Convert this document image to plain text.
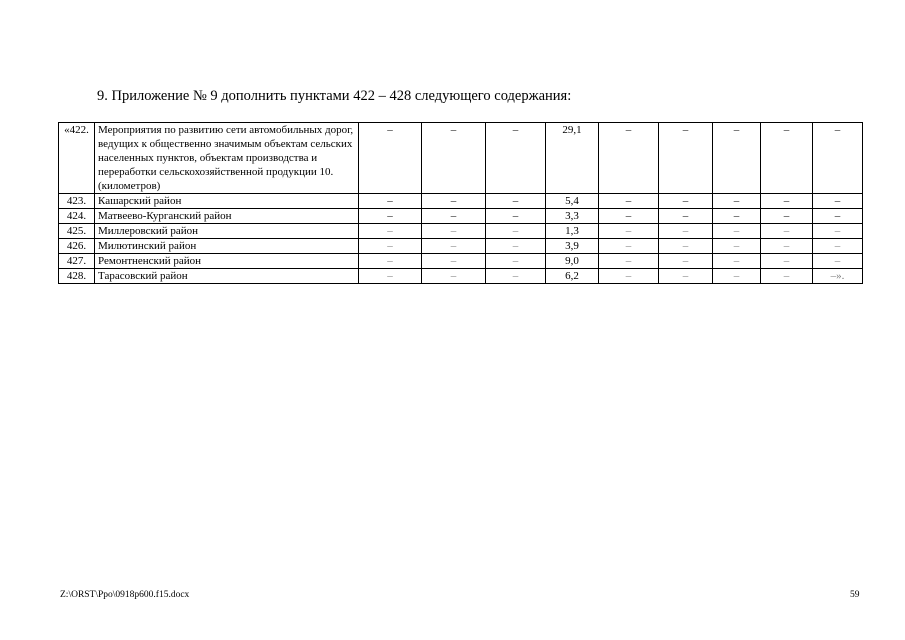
9. Приложение № 9 дополнить пунктами 422 – 428 следующего содержания:
«422.	Мероприятия по развитию сети автомобильных дорог, ведущих к общественно значимым объектам сельских населенных пунктов, объектам производства и переработки сельскохозяйственной продукции 10. (километров)	–	–	–	29,1	–	–	–	–	–
423.	Кашарский район	–	–	–	5,4	–	–	–	–	–
424.	Матвеево-Курганский район	–	–	–	3,3	–	–	–	–	–
425.	Миллеровский район	–	–	–	1,3	–	–	–	–	–
426.	Милютинский район	–	–	–	3,9	–	–	–	–	–
427.	Ремонтненский район	–	–	–	9,0	–	–	–	–	–
428.	Тарасовский район	–	–	–	6,2	–	–	–	–	–».
Z:\ORST\Ppo\0918p600.f15.docx	59
